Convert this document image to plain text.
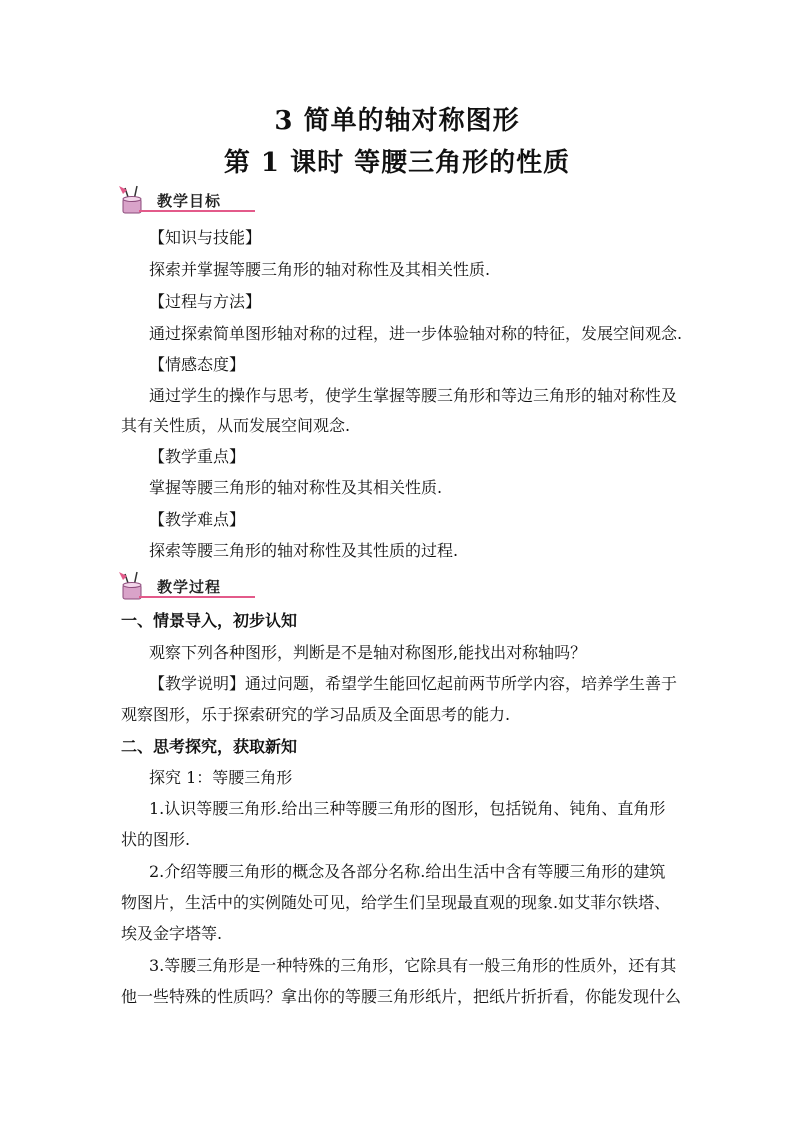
3 简单的轴对称图形
第 1 课时 等腰三角形的性质
教学目标
【知识与技能】
探索并掌握等腰三角形的轴对称性及其相关性质.
【过程与方法】
通过探索简单图形轴对称的过程，进一步体验轴对称的特征，发展空间观念.
【情感态度】
通过学生的操作与思考，使学生掌握等腰三角形和等边三角形的轴对称性及
其有关性质，从而发展空间观念.
【教学重点】
掌握等腰三角形的轴对称性及其相关性质.
【教学难点】
探索等腰三角形的轴对称性及其性质的过程.
教学过程
一、情景导入，初步认知
观察下列各种图形，判断是不是轴对称图形,能找出对称轴吗？
【教学说明】通过问题，希望学生能回忆起前两节所学内容，培养学生善于
观察图形，乐于探索研究的学习品质及全面思考的能力.
二、思考探究，获取新知
探究 1：等腰三角形
1.认识等腰三角形.给出三种等腰三角形的图形，包括锐角、钝角、直角形
状的图形.
2.介绍等腰三角形的概念及各部分名称.给出生活中含有等腰三角形的建筑
物图片，生活中的实例随处可见，给学生们呈现最直观的现象.如艾菲尔铁塔、
埃及金字塔等.
3.等腰三角形是一种特殊的三角形，它除具有一般三角形的性质外，还有其
他一些特殊的性质吗？拿出你的等腰三角形纸片，把纸片折折看，你能发现什么
